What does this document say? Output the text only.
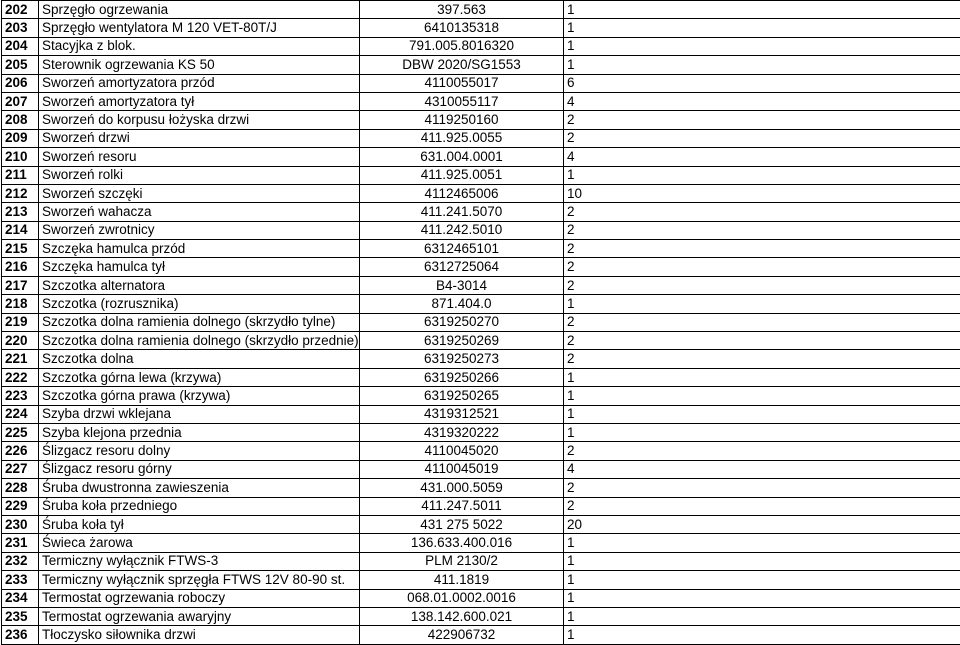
202	Sprzęgło ogrzewania	397.563	1
203	Sprzęgło wentylatora M 120 VET-80T/J	6410135318	1
204	Stacyjka z blok.	791.005.8016320	1
205	Sterownik ogrzewania KS 50	DBW 2020/SG1553	1
206	Sworzeń amortyzatora przód	4110055017	6
207	Sworzeń amortyzatora tył	4310055117	4
208	Sworzeń do korpusu łożyska drzwi	4119250160	2
209	Sworzeń drzwi	411.925.0055	2
210	Sworzeń resoru	631.004.0001	4
211	Sworzeń rolki	411.925.0051	1
212	Sworzeń szczęki	4112465006	10
213	Sworzeń wahacza	411.241.5070	2
214	Sworzeń zwrotnicy	411.242.5010	2
215	Szczęka hamulca przód	6312465101	2
216	Szczęka hamulca tył	6312725064	2
217	Szczotka alternatora	B4-3014	2
218	Szczotka (rozrusznika)	871.404.0	1
219	Szczotka dolna ramienia dolnego (skrzydło tylne)	6319250270	2
220	Szczotka dolna ramienia dolnego (skrzydło przednie)	6319250269	2
221	Szczotka dolna	6319250273	2
222	Szczotka górna lewa (krzywa)	6319250266	1
223	Szczotka górna prawa (krzywa)	6319250265	1
224	Szyba drzwi wklejana	4319312521	1
225	Szyba klejona przednia	4319320222	1
226	Ślizgacz resoru dolny	4110045020	2
227	Ślizgacz resoru górny	4110045019	4
228	Śruba dwustronna zawieszenia	431.000.5059	2
229	Śruba koła przedniego	411.247.5011	2
230	Śruba koła tył	431 275 5022	20
231	Świeca żarowa	136.633.400.016	1
232	Termiczny wyłącznik FTWS-3	PLM 2130/2	1
233	Termiczny wyłącznik sprzęgła FTWS 12V 80-90 st.	411.1819	1
234	Termostat ogrzewania roboczy	068.01.0002.0016	1
235	Termostat ogrzewania awaryjny	138.142.600.021	1
236	Tłoczysko siłownika drzwi	422906732	1
